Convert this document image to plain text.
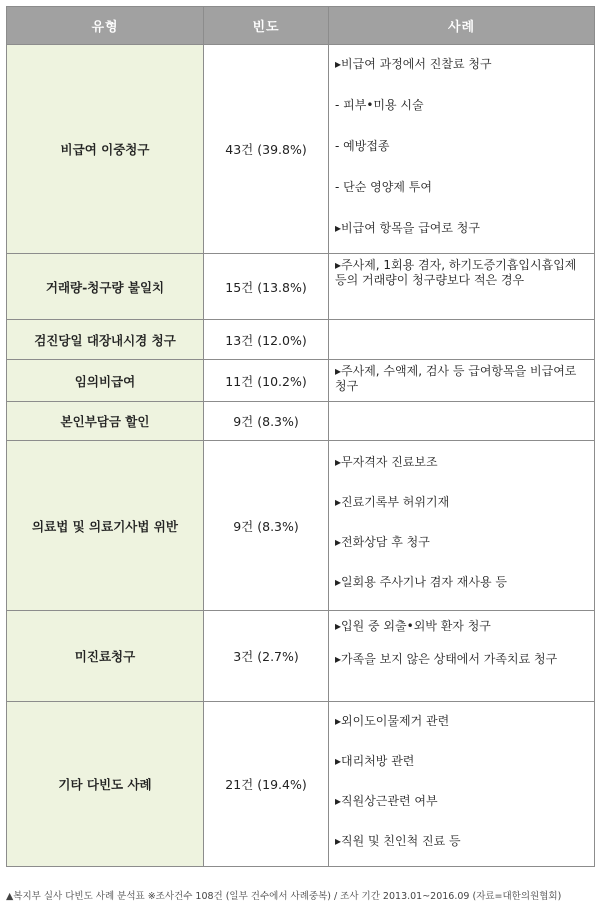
유형	빈도	사례
비급여 이중청구	43건 (39.8%)	▸비급여 과정에서 진찰료 청구
- 피부•미용 시술
- 예방접종
- 단순 영양제 투여
▸비급여 항목을 급여로 청구

거래량-청구량 불일치	15건 (13.8%)	▸주사제, 1회용 겸자, 하기도증기흡입시흡입제 등의 거래량이 청구량보다 적은 경우

검진당일 대장내시경 청구	13건 (12.0%)	
임의비급여	11건 (10.2%)	▸주사제, 수액제, 검사 등 급여항목을 비급여로 청구

본인부담금 할인	9건 (8.3%)	
의료법 및 의료기사법 위반	9건 (8.3%)	▸무자격자 진료보조
▸진료기록부 허위기재
▸전화상담 후 청구
▸일회용 주사기나 겸자 재사용 등

미진료청구	3건 (2.7%)	▸입원 중 외출•외박 환자 청구
▸가족을 보지 않은 상태에서 가족치료 청구

기타 다빈도 사례	21건 (19.4%)	▸외이도이물제거 관련
▸대리처방 관련
▸직원상근관련 여부
▸직원 및 친인척 진료 등
▲복지부 실사 다빈도 사례 분석표 ※조사건수 108건 (일부 건수에서 사례중복) / 조사 기간 2013.01~2016.09 (자료=대한의원협회)
